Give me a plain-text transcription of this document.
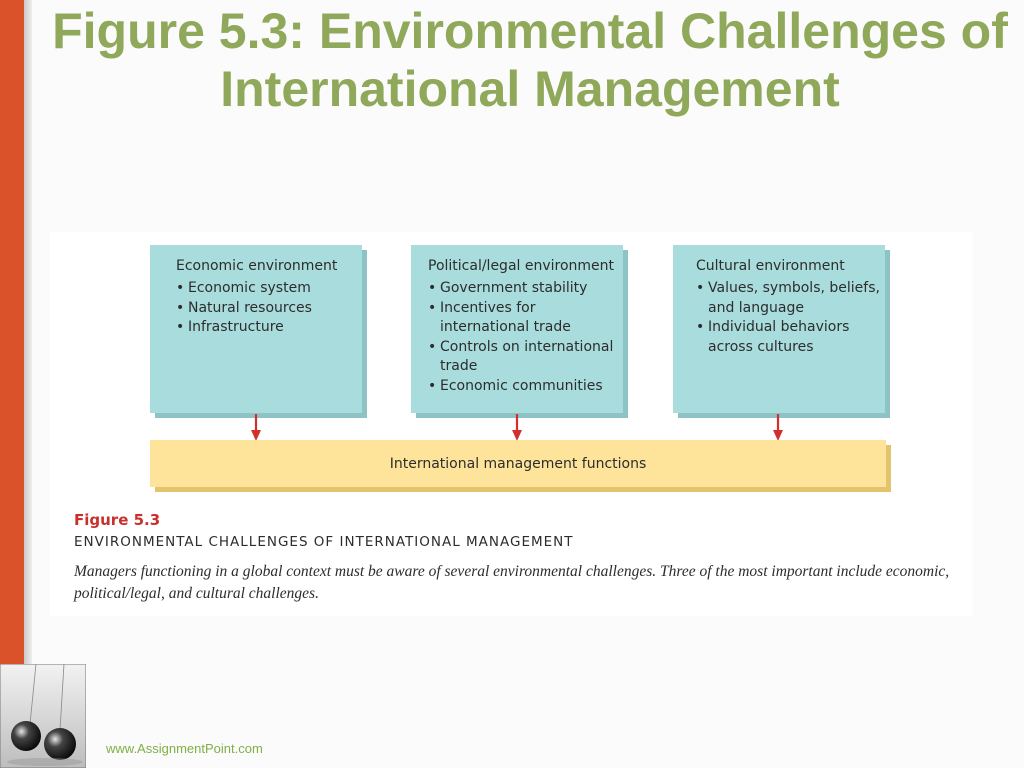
Figure 5.3: Environmental Challenges of International Management
Economic environment
• Economic system
• Natural resources
• Infrastructure
Political/legal environment
• Government stability
• Incentives for international trade
• Controls on international trade
• Economic communities
Cultural environment
• Values, symbols, beliefs, and language
• Individual behaviors across cultures
International management functions
Figure 5.3
ENVIRONMENTAL CHALLENGES OF INTERNATIONAL MANAGEMENT

Managers functioning in a global context must be aware of several environmental challenges. Three of the most important include economic, political/legal, and cultural challenges.

www.AssignmentPoint.com
